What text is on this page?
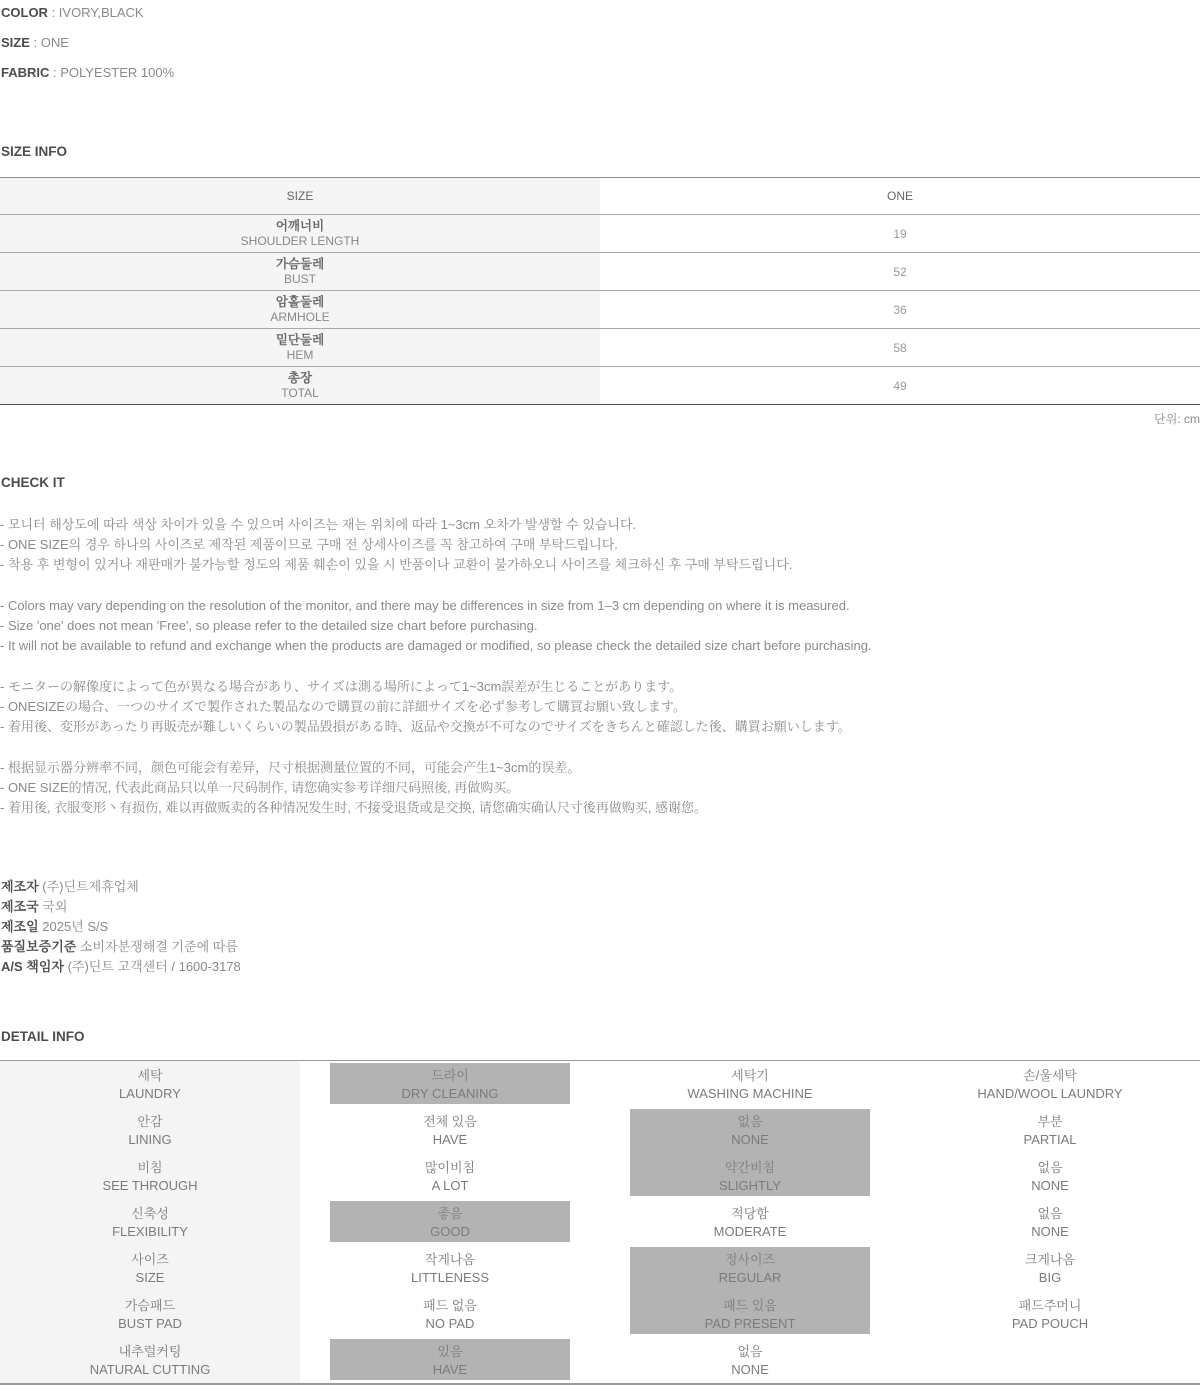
COLOR : IVORY,BLACK

SIZE : ONE

FABRIC : POLYESTER 100%

SIZE INFO
SIZE	ONE
어깨너비
SHOULDER LENGTH
19
가슴둘레
BUST
52
암홀둘레
ARMHOLE
36
밑단둘레
HEM
58
총장
TOTAL
49
단위: cm
CHECK IT
- 모니터 해상도에 따라 색상 차이가 있을 수 있으며 사이즈는 재는 위치에 따라 1~3cm 오차가 발생할 수 있습니다.
- ONE SIZE의 경우 하나의 사이즈로 제작된 제품이므로 구매 전 상세사이즈를 꼭 참고하여 구매 부탁드립니다.
- 착용 후 변형이 있거나 재판매가 불가능할 정도의 제품 훼손이 있을 시 반품이나 교환이 불가하오니 사이즈를 체크하신 후 구매 부탁드립니다.
- Colors may vary depending on the resolution of the monitor, and there may be differences in size from 1–3 cm depending on where it is measured.
- Size 'one' does not mean 'Free', so please refer to the detailed size chart before purchasing.
- It will not be available to refund and exchange when the products are damaged or modified, so please check the detailed size chart before purchasing.
- モニターの解像度によって色が異なる場合があり、サイズは測る場所によって1~3cm誤差が生じることがあります。
- ONESIZEの場合、一つのサイズで製作された製品なので購買の前に詳細サイズを必ず参考して購買お願い致します。
- 着用後、変形があったり再販売が難しいくらいの製品毀損がある時、返品や交換が不可なのでサイズをきちんと確認した後、購買お願いします。
- 根据显示器分辨率不同，颜色可能会有差异，尺寸根据测量位置的不同，可能会产生1~3cm的误差。
- ONE SIZE的情况, 代表此商品只以单一尺码制作, 请您确实参考详细尺码照後, 再做购买。
- 着用後, 衣服变形丶有损伤, 难以再做贩卖的各种情况发生时, 不接受退货或是交换, 请您确实确认尺寸後再做购买, 感谢您。
제조자 (주)딘트제휴업체
제조국 국외
제조일 2025년 S/S
품질보증기준 소비자분쟁해결 기준에 따름
A/S 책임자 (주)딘트 고객센터 / 1600-3178
DETAIL INFO
세탁
LAUNDRY
드라이
DRY CLEANING
세탁기
WASHING MACHINE
손/울세탁
HAND/WOOL LAUNDRY
안감
LINING
전체 있음
HAVE
없음
NONE
부분
PARTIAL
비침
SEE THROUGH
많이비침
A LOT
약간비침
SLIGHTLY
없음
NONE
신축성
FLEXIBILITY
좋음
GOOD
적당함
MODERATE
없음
NONE
사이즈
SIZE
작게나옴
LITTLENESS
정사이즈
REGULAR
크게나옴
BIG
가슴패드
BUST PAD
패드 없음
NO PAD
패드 있음
PAD PRESENT
패드주머니
PAD POUCH
내추럴커팅
NATURAL CUTTING
있음
HAVE
없음
NONE
